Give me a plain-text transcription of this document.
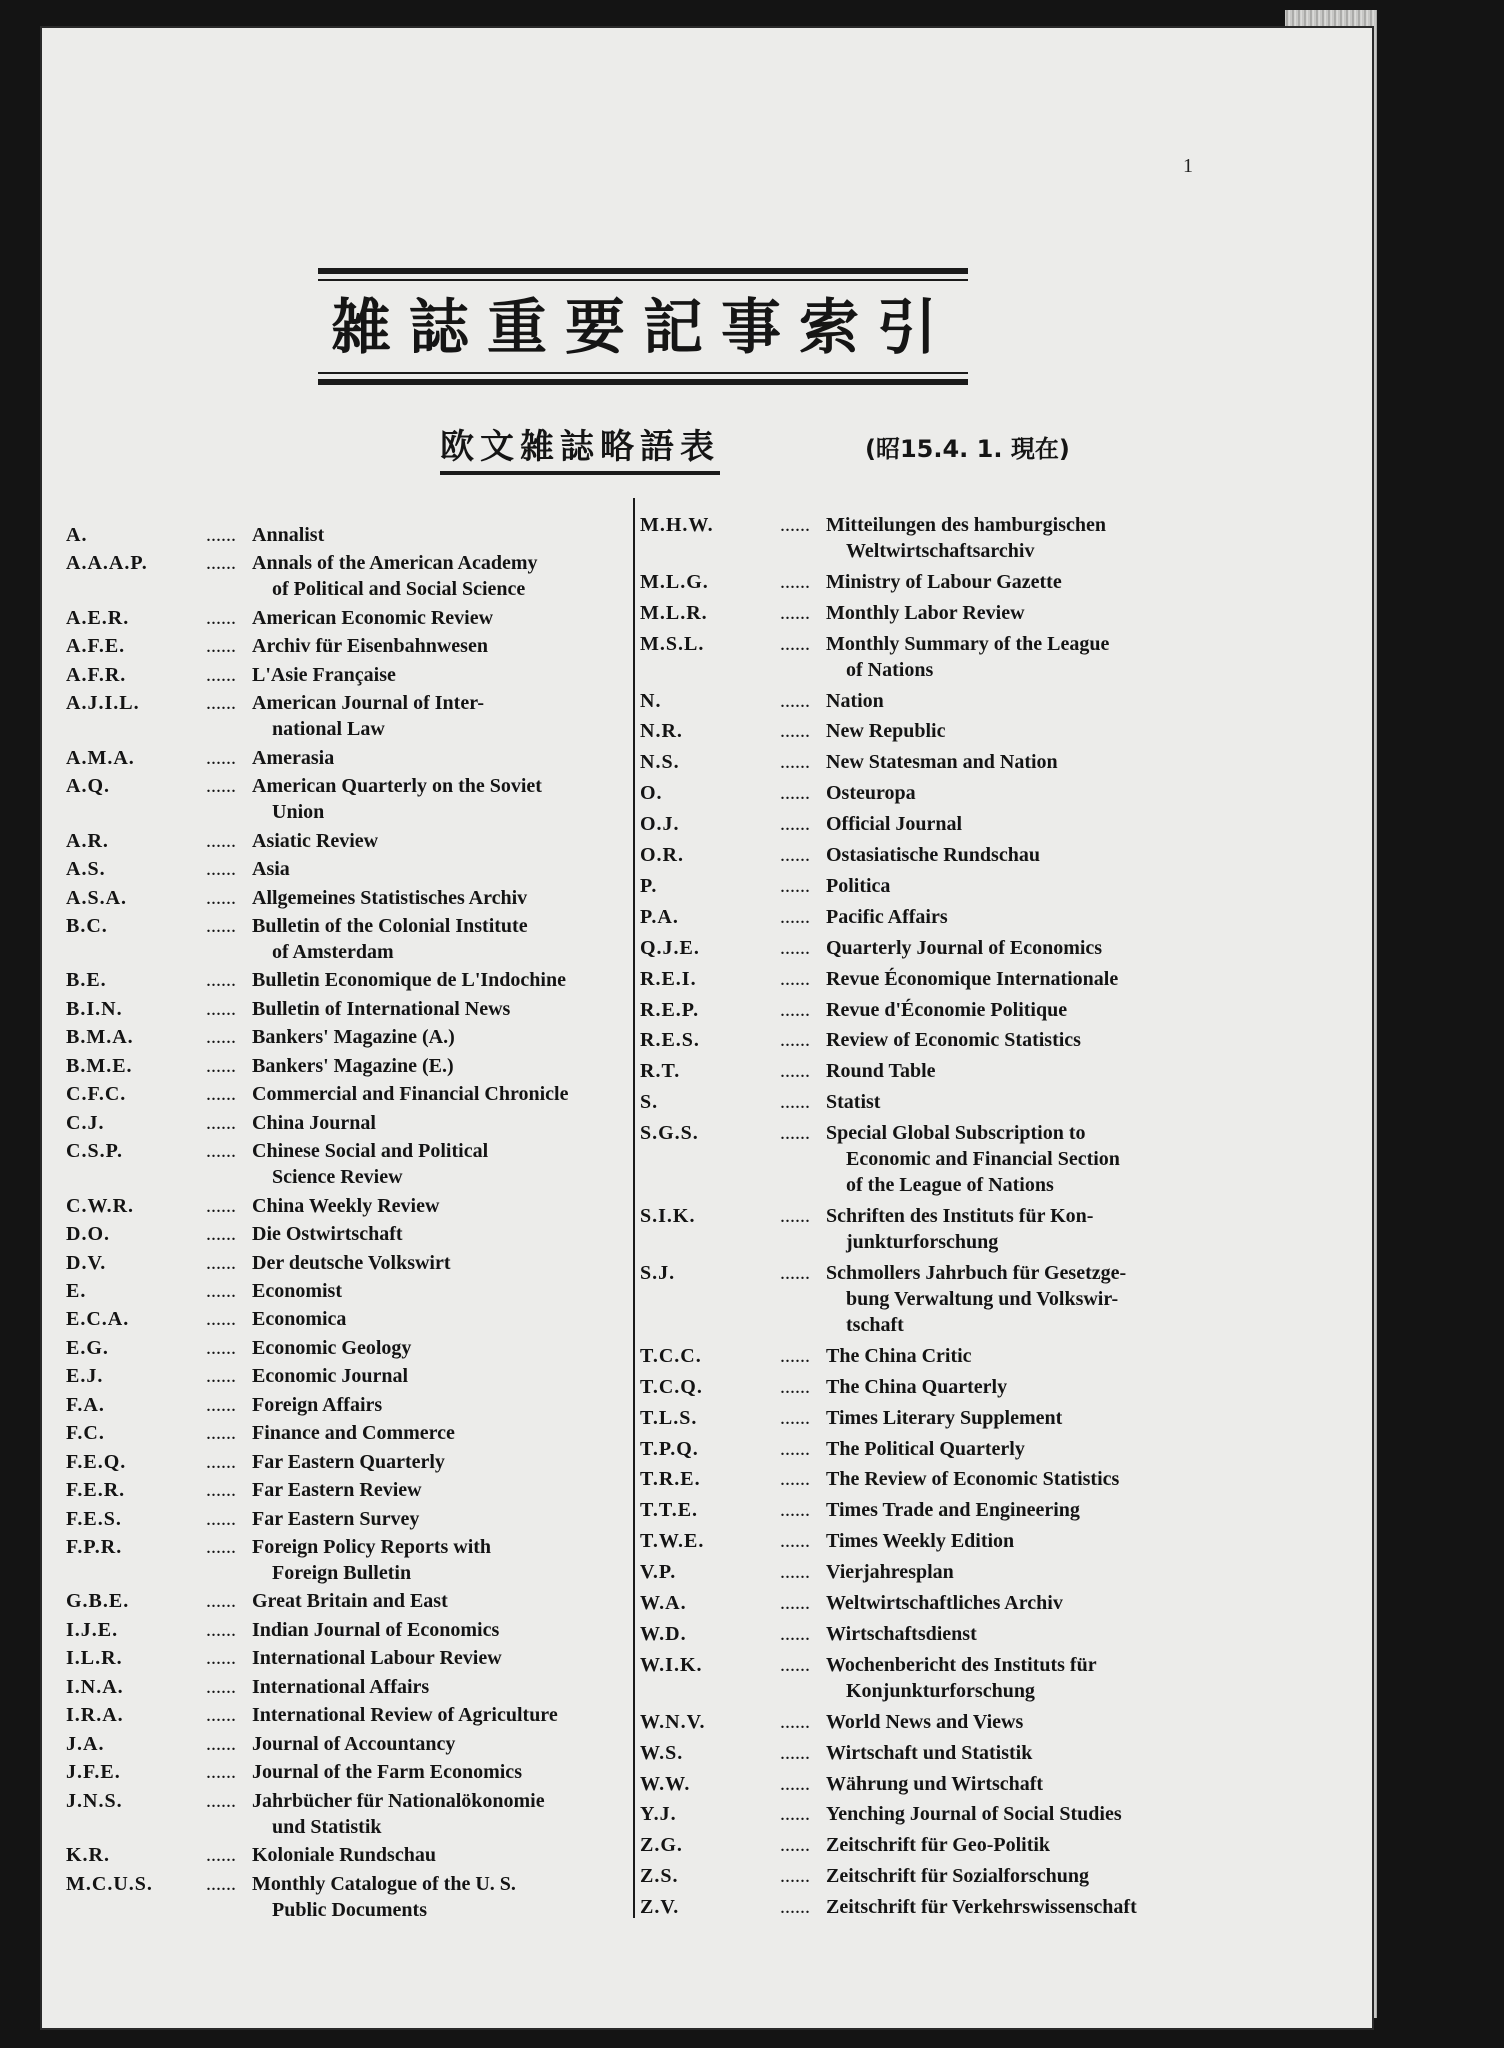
1
雑誌重要記事索引
欧文雑誌略語表	(昭15.4. 1. 現在)
A.	...... Annalist
A.A.A.P.	...... Annals of the American Academy
of Political and Social Science
A.E.R.	...... American Economic Review
A.F.E.	...... Archiv für Eisenbahnwesen
A.F.R.	...... L'Asie Française
A.J.I.L.	...... American Journal of Inter-
national Law
A.M.A.	...... Amerasia
A.Q.	...... American Quarterly on the Soviet
Union
A.R.	...... Asiatic Review
A.S.	...... Asia
A.S.A.	...... Allgemeines Statistisches Archiv
B.C.	...... Bulletin of the Colonial Institute
of Amsterdam
B.E.	...... Bulletin Economique de L'Indochine
B.I.N.	...... Bulletin of International News
B.M.A.	...... Bankers' Magazine (A.)
B.M.E.	...... Bankers' Magazine (E.)
C.F.C.	...... Commercial and Financial Chronicle
C.J.	...... China Journal
C.S.P.	...... Chinese Social and Political
Science Review
C.W.R.	...... China Weekly Review
D.O.	...... Die Ostwirtschaft
D.V.	...... Der deutsche Volkswirt
E.	...... Economist
E.C.A.	...... Economica
E.G.	...... Economic Geology
E.J.	...... Economic Journal
F.A.	...... Foreign Affairs
F.C.	...... Finance and Commerce
F.E.Q.	...... Far Eastern Quarterly
F.E.R.	...... Far Eastern Review
F.E.S.	...... Far Eastern Survey
F.P.R.	...... Foreign Policy Reports with
Foreign Bulletin
G.B.E.	...... Great Britain and East
I.J.E.	...... Indian Journal of Economics
I.L.R.	...... International Labour Review
I.N.A.	...... International Affairs
I.R.A.	...... International Review of Agriculture
J.A.	...... Journal of Accountancy
J.F.E.	...... Journal of the Farm Economics
J.N.S.	...... Jahrbücher für Nationalökonomie
und Statistik
K.R.	...... Koloniale Rundschau
M.C.U.S.	...... Monthly Catalogue of the U. S.
Public Documents
M.H.W.	...... Mitteilungen des hamburgischen
Weltwirtschaftsarchiv
M.L.G.	...... Ministry of Labour Gazette
M.L.R.	...... Monthly Labor Review
M.S.L.	...... Monthly Summary of the League
of Nations
N.	...... Nation
N.R.	...... New Republic
N.S.	...... New Statesman and Nation
O.	...... Osteuropa
O.J.	...... Official Journal
O.R.	...... Ostasiatische Rundschau
P.	...... Politica
P.A.	...... Pacific Affairs
Q.J.E.	...... Quarterly Journal of Economics
R.E.I.	...... Revue Économique Internationale
R.E.P.	...... Revue d'Économie Politique
R.E.S.	...... Review of Economic Statistics
R.T.	...... Round Table
S.	...... Statist
S.G.S.	...... Special Global Subscription to
Economic and Financial Section
of the League of Nations
S.I.K.	...... Schriften des Instituts für Kon-
junkturforschung
S.J.	...... Schmollers Jahrbuch für Gesetzge-
bung Verwaltung und Volkswir-
tschaft
T.C.C.	...... The China Critic
T.C.Q.	...... The China Quarterly
T.L.S.	...... Times Literary Supplement
T.P.Q.	...... The Political Quarterly
T.R.E.	...... The Review of Economic Statistics
T.T.E.	...... Times Trade and Engineering
T.W.E.	...... Times Weekly Edition
V.P.	...... Vierjahresplan
W.A.	...... Weltwirtschaftliches Archiv
W.D.	...... Wirtschaftsdienst
W.I.K.	...... Wochenbericht des Instituts für
Konjunkturforschung
W.N.V.	...... World News and Views
W.S.	...... Wirtschaft und Statistik
W.W.	...... Währung und Wirtschaft
Y.J.	...... Yenching Journal of Social Studies
Z.G.	...... Zeitschrift für Geo-Politik
Z.S.	...... Zeitschrift für Sozialforschung
Z.V.	...... Zeitschrift für Verkehrswissenschaft
